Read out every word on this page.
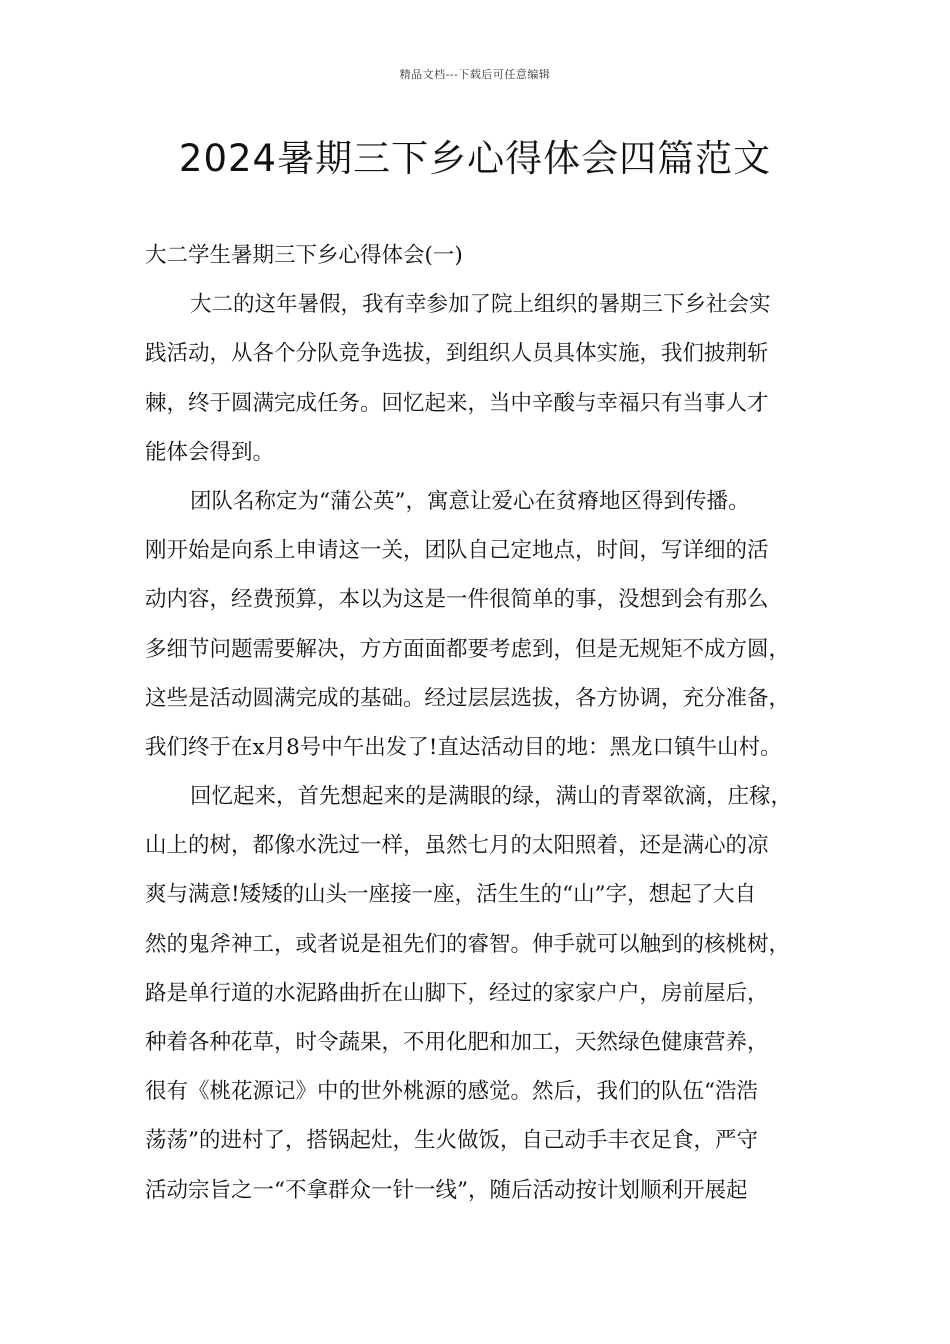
精品文档---下载后可任意编辑
2024暑期三下乡心得体会四篇范文
大二学生暑期三下乡心得体会(一)
大二的这年暑假，我有幸参加了院上组织的暑期三下乡社会实
践活动，从各个分队竞争选拔，到组织人员具体实施，我们披荆斩
棘，终于圆满完成任务。回忆起来，当中辛酸与幸福只有当事人才
能体会得到。
团队名称定为“蒲公英”，寓意让爱心在贫瘠地区得到传播。
刚开始是向系上申请这一关，团队自己定地点，时间，写详细的活
动内容，经费预算，本以为这是一件很简单的事，没想到会有那么
多细节问题需要解决，方方面面都要考虑到，但是无规矩不成方圆，
这些是活动圆满完成的基础。经过层层选拔，各方协调，充分准备，
我们终于在x月8号中午出发了!直达活动目的地：黑龙口镇牛山村。
回忆起来，首先想起来的是满眼的绿，满山的青翠欲滴，庄稼，
山上的树，都像水洗过一样，虽然七月的太阳照着，还是满心的凉
爽与满意!矮矮的山头一座接一座，活生生的“山”字，想起了大自
然的鬼斧神工，或者说是祖先们的睿智。伸手就可以触到的核桃树，
路是单行道的水泥路曲折在山脚下，经过的家家户户，房前屋后，
种着各种花草，时令蔬果，不用化肥和加工，天然绿色健康营养，
很有《桃花源记》中的世外桃源的感觉。然后，我们的队伍“浩浩
荡荡”的进村了，搭锅起灶，生火做饭，自己动手丰衣足食，严守
活动宗旨之一“不拿群众一针一线”，随后活动按计划顺利开展起
